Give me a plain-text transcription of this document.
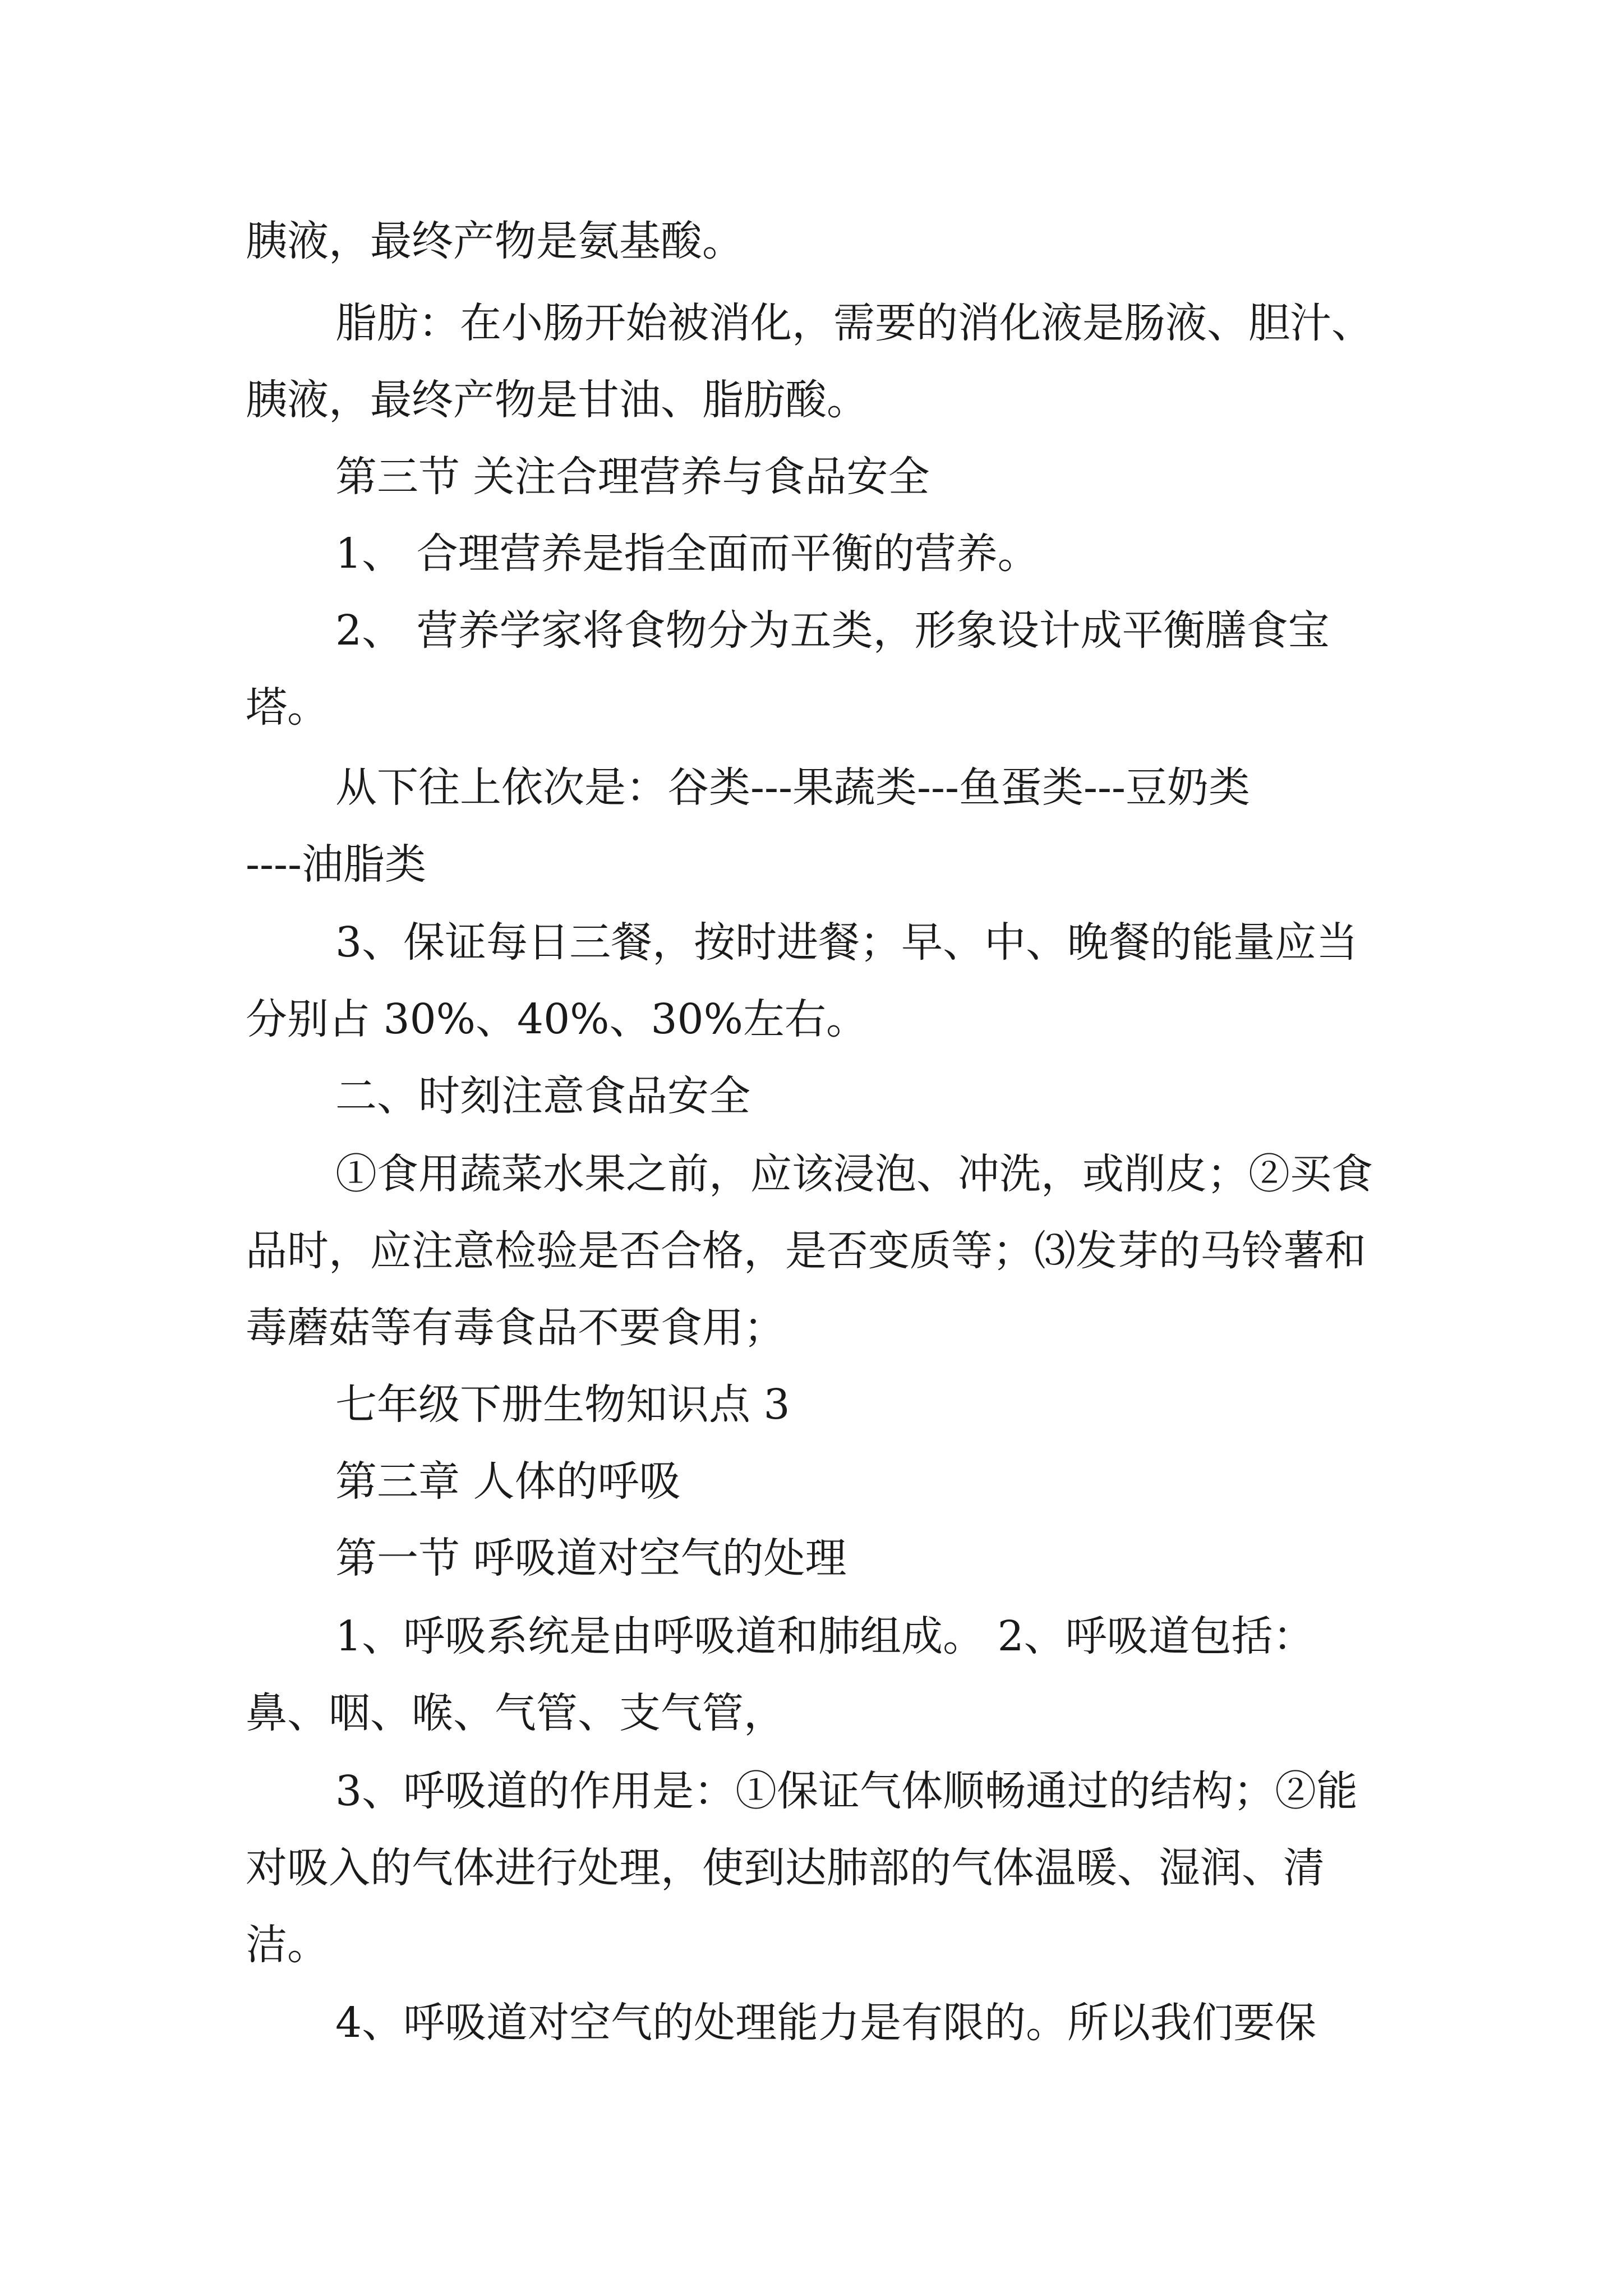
胰液，最终产物是氨基酸。
脂肪：在小肠开始被消化，需要的消化液是肠液、胆汁、
胰液，最终产物是甘油、脂肪酸。
第三节 关注合理营养与食品安全
1、 合理营养是指全面而平衡的营养。
2、 营养学家将食物分为五类，形象设计成平衡膳食宝
塔。
从下往上依次是：谷类---果蔬类---鱼蛋类---豆奶类
----油脂类
3、保证每日三餐，按时进餐；早、中、晚餐的能量应当
分别占 30%、40%、30%左右。
二、时刻注意食品安全
①食用蔬菜水果之前，应该浸泡、冲洗，或削皮；②买食
品时，应注意检验是否合格，是否变质等；⑶发芽的马铃薯和
毒蘑菇等有毒食品不要食用；
七年级下册生物知识点 3
第三章 人体的呼吸
第一节 呼吸道对空气的处理
1、呼吸系统是由呼吸道和肺组成。 2、呼吸道包括：
鼻、咽、喉、气管、支气管，
3、呼吸道的作用是：①保证气体顺畅通过的结构；②能
对吸入的气体进行处理，使到达肺部的气体温暖、湿润、清
洁。
4、呼吸道对空气的处理能力是有限的。所以我们要保
